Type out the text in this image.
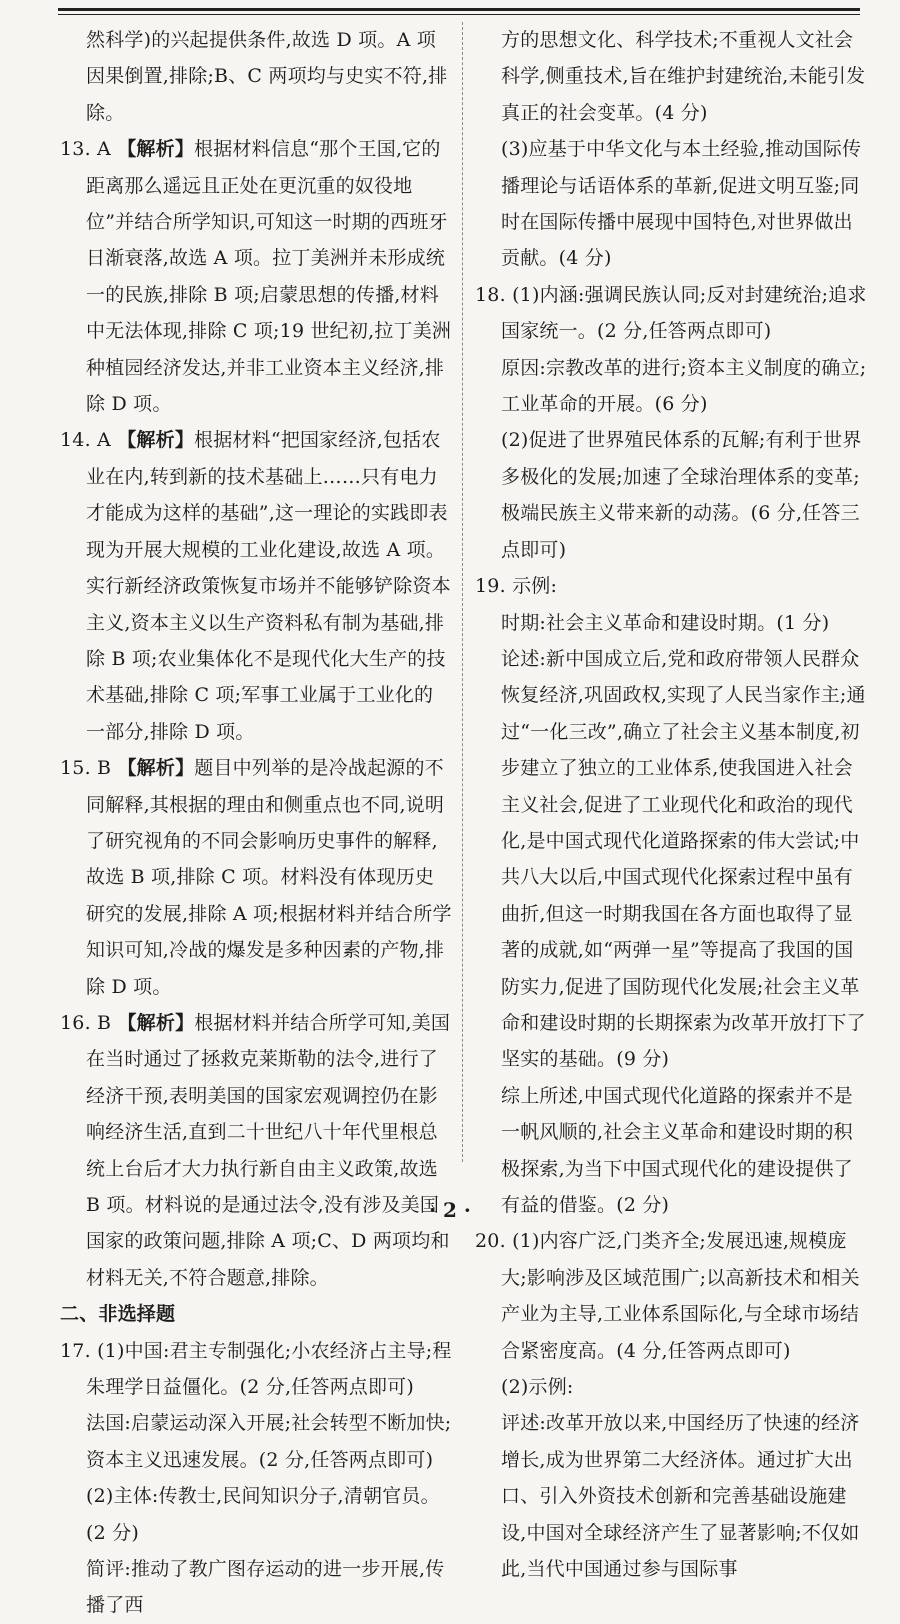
然科学)的兴起提供条件,故选 D 项。A 项因果倒置,排除;B、C 两项均与史实不符,排除。

13. A 【解析】根据材料信息“那个王国,它的距离那么遥远且正处在更沉重的奴役地位”并结合所学知识,可知这一时期的西班牙日渐衰落,故选 A 项。拉丁美洲并未形成统一的民族,排除 B 项;启蒙思想的传播,材料中无法体现,排除 C 项;19 世纪初,拉丁美洲种植园经济发达,并非工业资本主义经济,排除 D 项。

14. A 【解析】根据材料“把国家经济,包括农业在内,转到新的技术基础上……只有电力才能成为这样的基础”,这一理论的实践即表现为开展大规模的工业化建设,故选 A 项。实行新经济政策恢复市场并不能够铲除资本主义,资本主义以生产资料私有制为基础,排除 B 项;农业集体化不是现代化大生产的技术基础,排除 C 项;军事工业属于工业化的一部分,排除 D 项。

15. B 【解析】题目中列举的是冷战起源的不同解释,其根据的理由和侧重点也不同,说明了研究视角的不同会影响历史事件的解释,故选 B 项,排除 C 项。材料没有体现历史研究的发展,排除 A 项;根据材料并结合所学知识可知,冷战的爆发是多种因素的产物,排除 D 项。

16. B 【解析】根据材料并结合所学可知,美国在当时通过了拯救克莱斯勒的法令,进行了经济干预,表明美国的国家宏观调控仍在影响经济生活,直到二十世纪八十年代里根总统上台后才大力执行新自由主义政策,故选 B 项。材料说的是通过法令,没有涉及美国国家的政策问题,排除 A 项;C、D 两项均和材料无关,不符合题意,排除。

二、非选择题

17. (1)中国:君主专制强化;小农经济占主导;程朱理学日益僵化。(2 分,任答两点即可)

法国:启蒙运动深入开展;社会转型不断加快;资本主义迅速发展。(2 分,任答两点即可)

(2)主体:传教士,民间知识分子,清朝官员。(2 分)

简评:推动了教广图存运动的进一步开展,传播了西

方的思想文化、科学技术;不重视人文社会科学,侧重技术,旨在维护封建统治,未能引发真正的社会变革。(4 分)

(3)应基于中华文化与本土经验,推动国际传播理论与话语体系的革新,促进文明互鉴;同时在国际传播中展现中国特色,对世界做出贡献。(4 分)

18. (1)内涵:强调民族认同;反对封建统治;追求国家统一。(2 分,任答两点即可)

原因:宗教改革的进行;资本主义制度的确立;工业革命的开展。(6 分)

(2)促进了世界殖民体系的瓦解;有利于世界多极化的发展;加速了全球治理体系的变革;极端民族主义带来新的动荡。(6 分,任答三点即可)

19. 示例:

时期:社会主义革命和建设时期。(1 分)

论述:新中国成立后,党和政府带领人民群众恢复经济,巩固政权,实现了人民当家作主;通过“一化三改”,确立了社会主义基本制度,初步建立了独立的工业体系,使我国进入社会主义社会,促进了工业现代化和政治的现代化,是中国式现代化道路探索的伟大尝试;中共八大以后,中国式现代化探索过程中虽有曲折,但这一时期我国在各方面也取得了显著的成就,如“两弹一星”等提高了我国的国防实力,促进了国防现代化发展;社会主义革命和建设时期的长期探索为改革开放打下了坚实的基础。(9 分)

综上所述,中国式现代化道路的探索并不是一帆风顺的,社会主义革命和建设时期的积极探索,为当下中国式现代化的建设提供了有益的借鉴。(2 分)

20. (1)内容广泛,门类齐全;发展迅速,规模庞大;影响涉及区域范围广;以高新技术和相关产业为主导,工业体系国际化,与全球市场结合紧密度高。(4 分,任答两点即可)

(2)示例:

评述:改革开放以来,中国经历了快速的经济增长,成为世界第二大经济体。通过扩大出口、引入外资技术创新和完善基础设施建设,中国对全球经济产生了显著影响;不仅如此,当代中国通过参与国际事

· 2 ·
